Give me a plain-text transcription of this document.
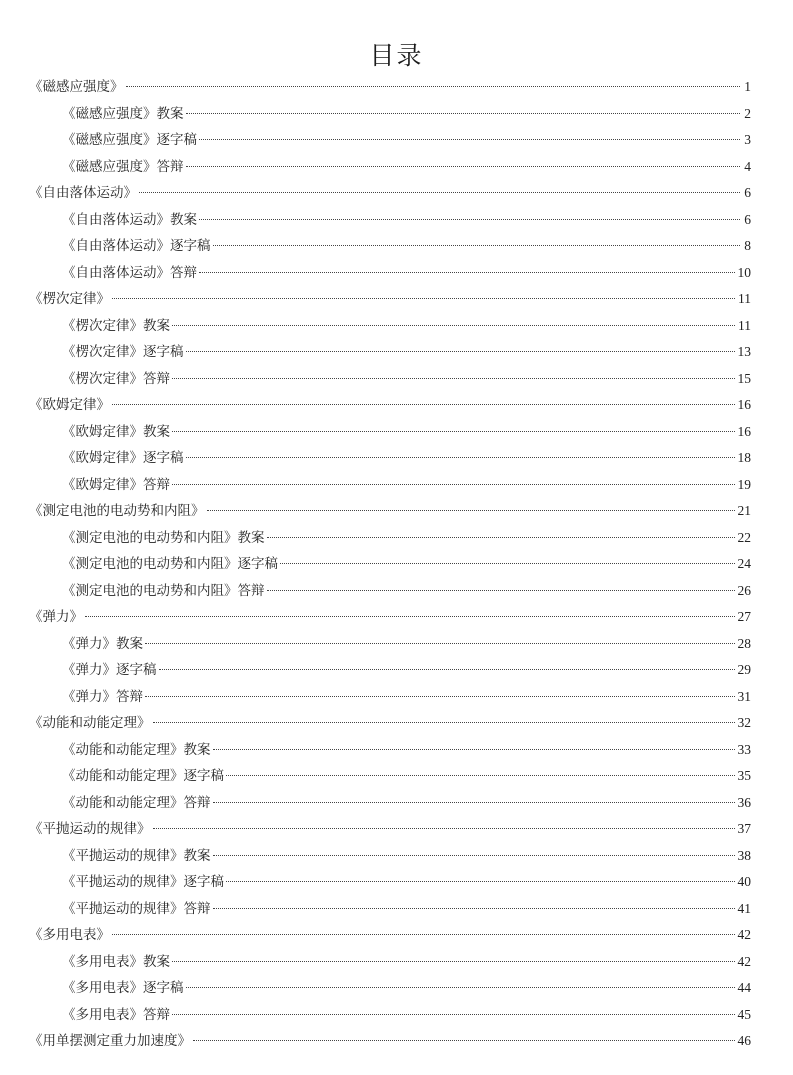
目录
《磁感应强度》	1
《磁感应强度》教案	2
《磁感应强度》逐字稿	3
《磁感应强度》答辩	4
《自由落体运动》	6
《自由落体运动》教案	6
《自由落体运动》逐字稿	8
《自由落体运动》答辩	10
《楞次定律》	11
《楞次定律》教案	11
《楞次定律》逐字稿	13
《楞次定律》答辩	15
《欧姆定律》	16
《欧姆定律》教案	16
《欧姆定律》逐字稿	18
《欧姆定律》答辩	19
《测定电池的电动势和内阻》	21
《测定电池的电动势和内阻》教案	22
《测定电池的电动势和内阻》逐字稿	24
《测定电池的电动势和内阻》答辩	26
《弹力》	27
《弹力》教案	28
《弹力》逐字稿	29
《弹力》答辩	31
《动能和动能定理》	32
《动能和动能定理》教案	33
《动能和动能定理》逐字稿	35
《动能和动能定理》答辩	36
《平抛运动的规律》	37
《平抛运动的规律》教案	38
《平抛运动的规律》逐字稿	40
《平抛运动的规律》答辩	41
《多用电表》	42
《多用电表》教案	42
《多用电表》逐字稿	44
《多用电表》答辩	45
《用单摆测定重力加速度》	46
